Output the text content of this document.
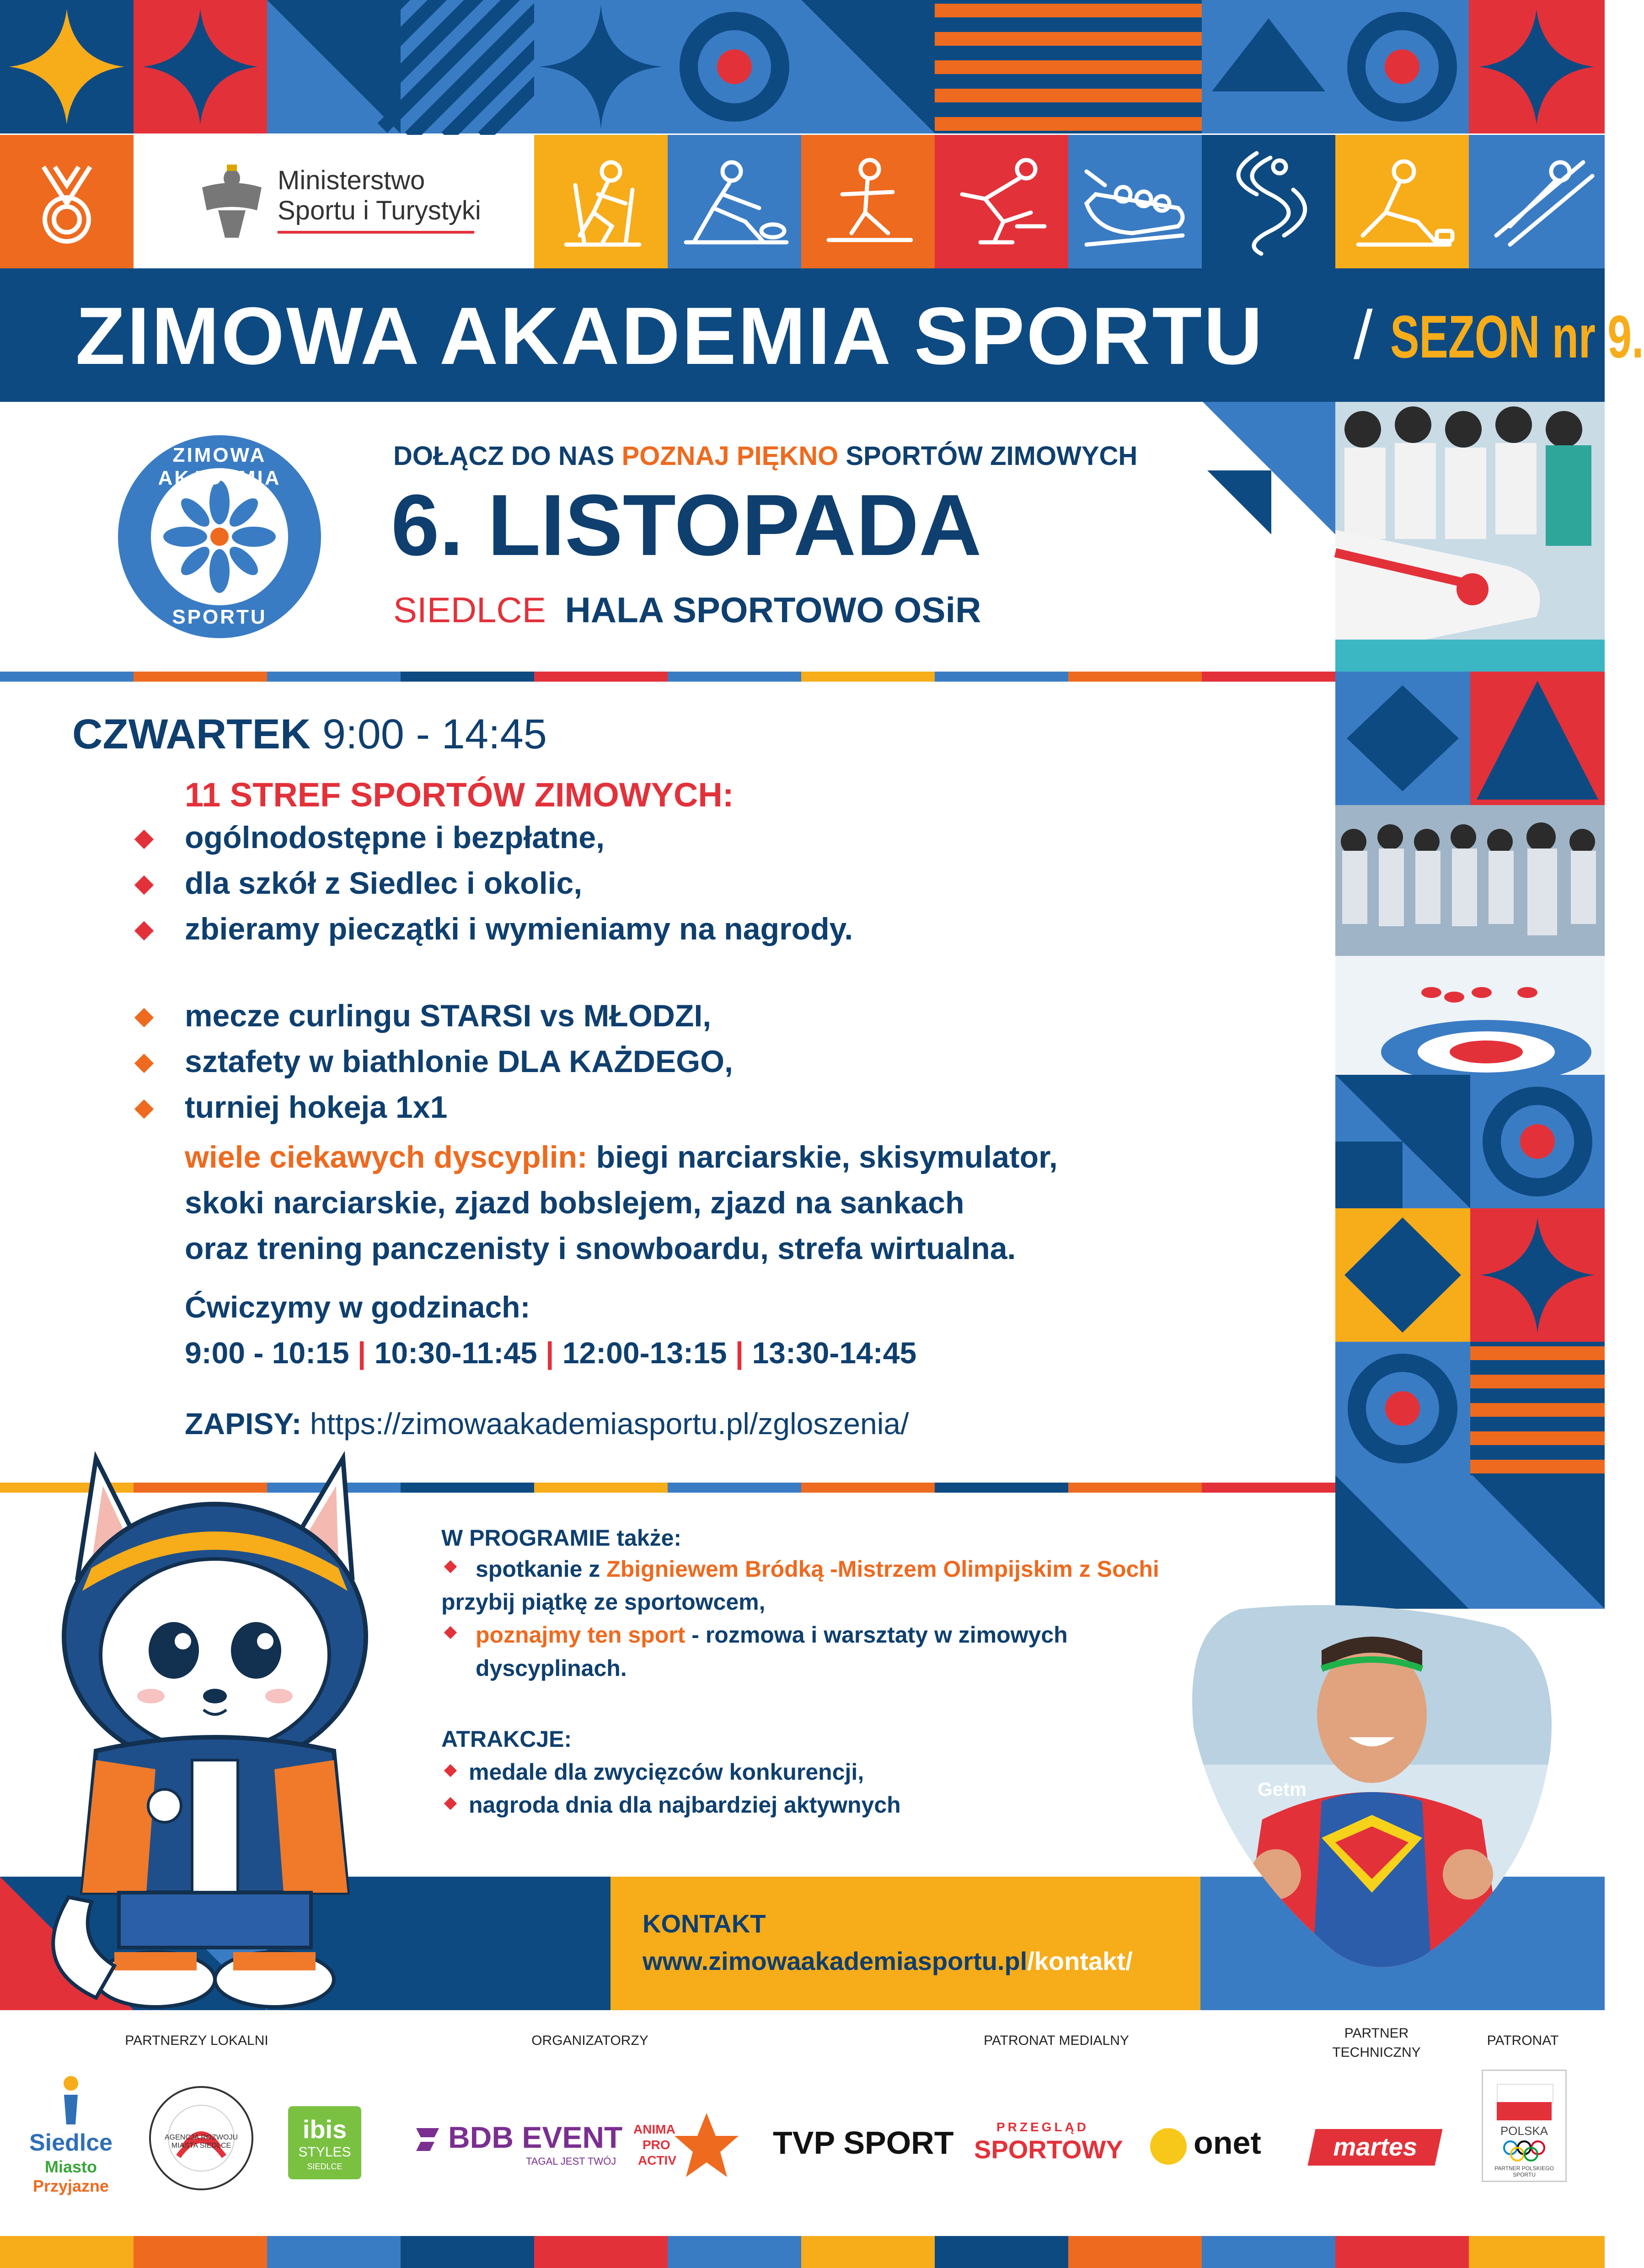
Ministerstwo
Sportu i Turystyki
ZIMOWA AKADEMIA SPORTU / SEZON nr 9.
ZIMOWA AKADEMIA
SPORTU
DOŁĄCZ DO NAS POZNAJ PIĘKNO SPORTÓW ZIMOWYCH
6. LISTOPADA
SIEDLCE HALA SPORTOWO OSiR
CZWARTEK 9:00 - 14:45
11 STREF SPORTÓW ZIMOWYCH:
ogólnodostępne i bezpłatne,
dla szkół z Siedlec i okolic,
zbieramy pieczątki i wymieniamy na nagrody.
mecze curlingu STARSI vs MŁODZI,
sztafety w biathlonie DLA KAŻDEGO,
turniej hokeja 1x1
wiele ciekawych dyscyplin: biegi narciarskie, skisymulator,
skoki narciarskie, zjazd bobslejem, zjazd na sankach
oraz trening panczenisty i snowboardu, strefa wirtualna.
Ćwiczymy w godzinach:
9:00 - 10:15 | 10:30-11:45 | 12:00-13:15 | 13:30-14:45
ZAPISY: https://zimowaakademiasportu.pl/zgloszenia/
W PROGRAMIE także:
spotkanie z Zbigniewem Bródką -Mistrzem Olimpijskim z Sochi
przybij piątkę ze sportowcem,
poznajmy ten sport - rozmowa i warsztaty w zimowych
dyscyplinach.
ATRAKCJE:
medale dla zwycięzców konkurencji,
nagroda dnia dla najbardziej aktywnych
KONTAKT
www.zimowaakademiasportu.pl/kontakt/
Getm
PARTNERZY LOKALNI	ORGANIZATORZY	PATRONAT MEDIALNY	PARTNER
TECHNICZNY
PATRONAT
Siedlce
Miasto
Przyjazne
AGENCJA ROZWOJU MIASTA SIEDLCE
ibis
STYLES
SIEDLCE
BDB EVENT
TAGAL JEST TWÓJ
ANIMA
PRO
ACTIV	TVP SPORT	PRZEGLĄD
SPORTOWY onet	martes
POLSKA
PARTNER POLSKIEGO SPORTU
